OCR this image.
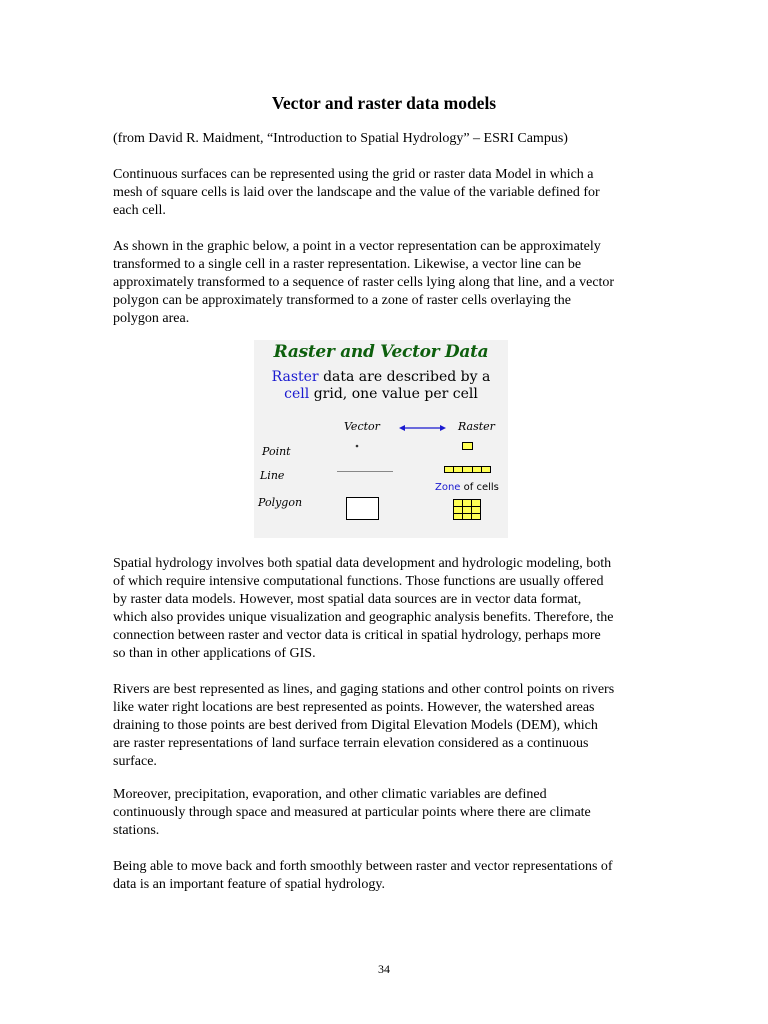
Vector and raster data models
(from David R. Maidment, “Introduction to Spatial Hydrology” – ESRI Campus)
Continuous surfaces can be represented using the grid or raster data Model in which a
mesh of square cells is laid over the landscape and the value of the variable defined for
each cell.
As shown in the graphic below, a point in a vector representation can be approximately
transformed to a single cell in a raster representation. Likewise, a vector line can be
approximately transformed to a sequence of raster cells lying along that line, and a vector
polygon can be approximately transformed to a zone of raster cells overlaying the
polygon area.
Raster and Vector Data
Raster data are described by a
cell grid, one value per cell
Vector	Raster
Point
Line
Polygon
Zone of cells
Spatial hydrology involves both spatial data development and hydrologic modeling, both
of which require intensive computational functions. Those functions are usually offered
by raster data models. However, most spatial data sources are in vector data format,
which also provides unique visualization and geographic analysis benefits. Therefore, the
connection between raster and vector data is critical in spatial hydrology, perhaps more
so than in other applications of GIS.
Rivers are best represented as lines, and gaging stations and other control points on rivers
like water right locations are best represented as points. However, the watershed areas
draining to those points are best derived from Digital Elevation Models (DEM), which
are raster representations of land surface terrain elevation considered as a continuous
surface.
Moreover, precipitation, evaporation, and other climatic variables are defined
continuously through space and measured at particular points where there are climate
stations.
Being able to move back and forth smoothly between raster and vector representations of
data is an important feature of spatial hydrology.
34
